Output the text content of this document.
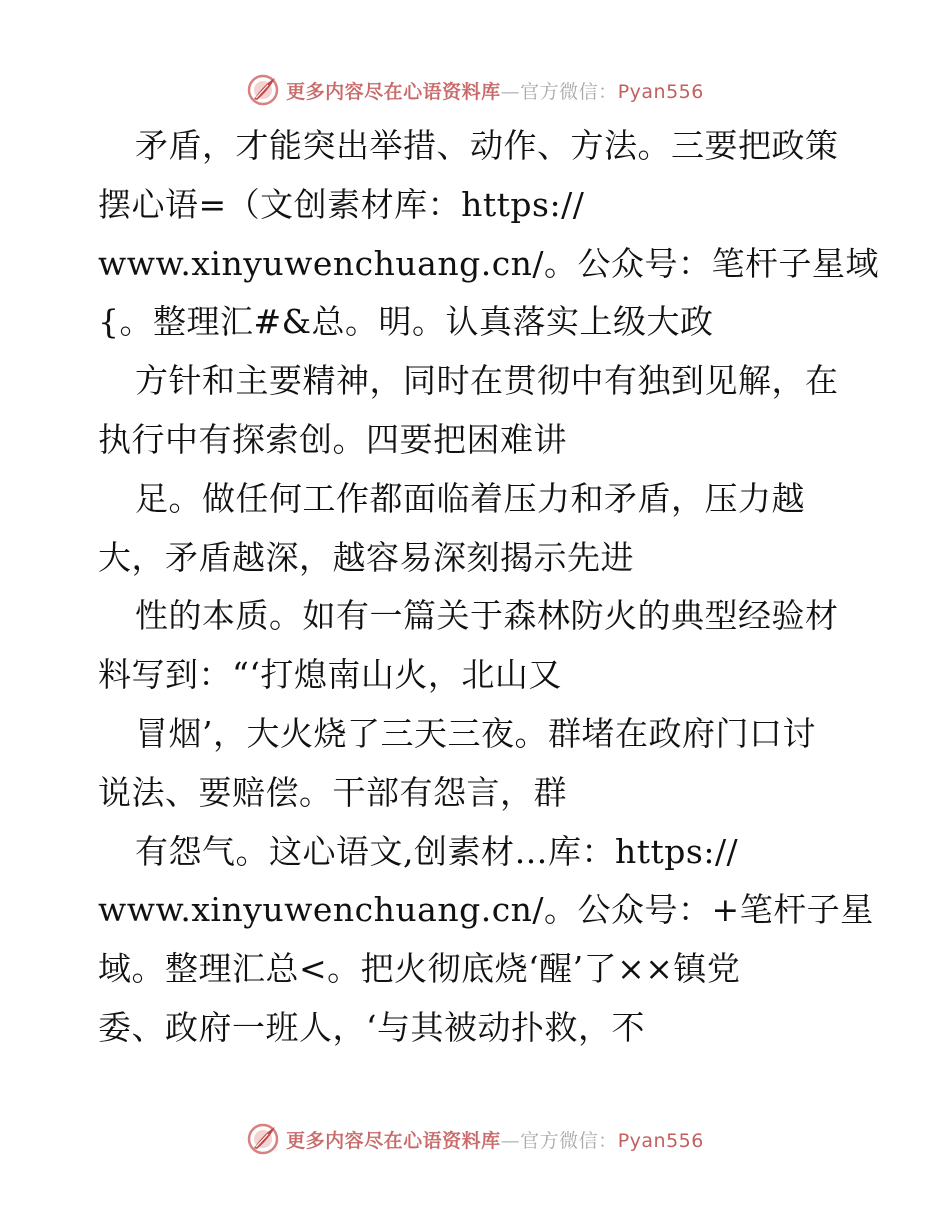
更多内容尽在心语资料库—官方微信：Pyan556
矛盾，才能突出举措、动作、方法。三要把政策
摆心语=（文创素材库：https://
www.xinyuwenchuang.cn/。公众号：笔杆子星域
{。整理汇#&总。明。认真落实上级大政
方针和主要精神，同时在贯彻中有独到见解，在
执行中有探索创。四要把困难讲
足。做任何工作都面临着压力和矛盾，压力越
大，矛盾越深，越容易深刻揭示先进
性的本质。如有一篇关于森林防火的典型经验材
料写到：“‘打熄南山火，北山又
冒烟’，大火烧了三天三夜。群堵在政府门口讨
说法、要赔偿。干部有怨言，群
有怨气。这心语文,创素材…库：https://
www.xinyuwenchuang.cn/。公众号：+笔杆子星
域。整理汇总<。把火彻底烧‘醒’了××镇党
委、政府一班人，‘与其被动扑救，不
更多内容尽在心语资料库—官方微信：Pyan556
